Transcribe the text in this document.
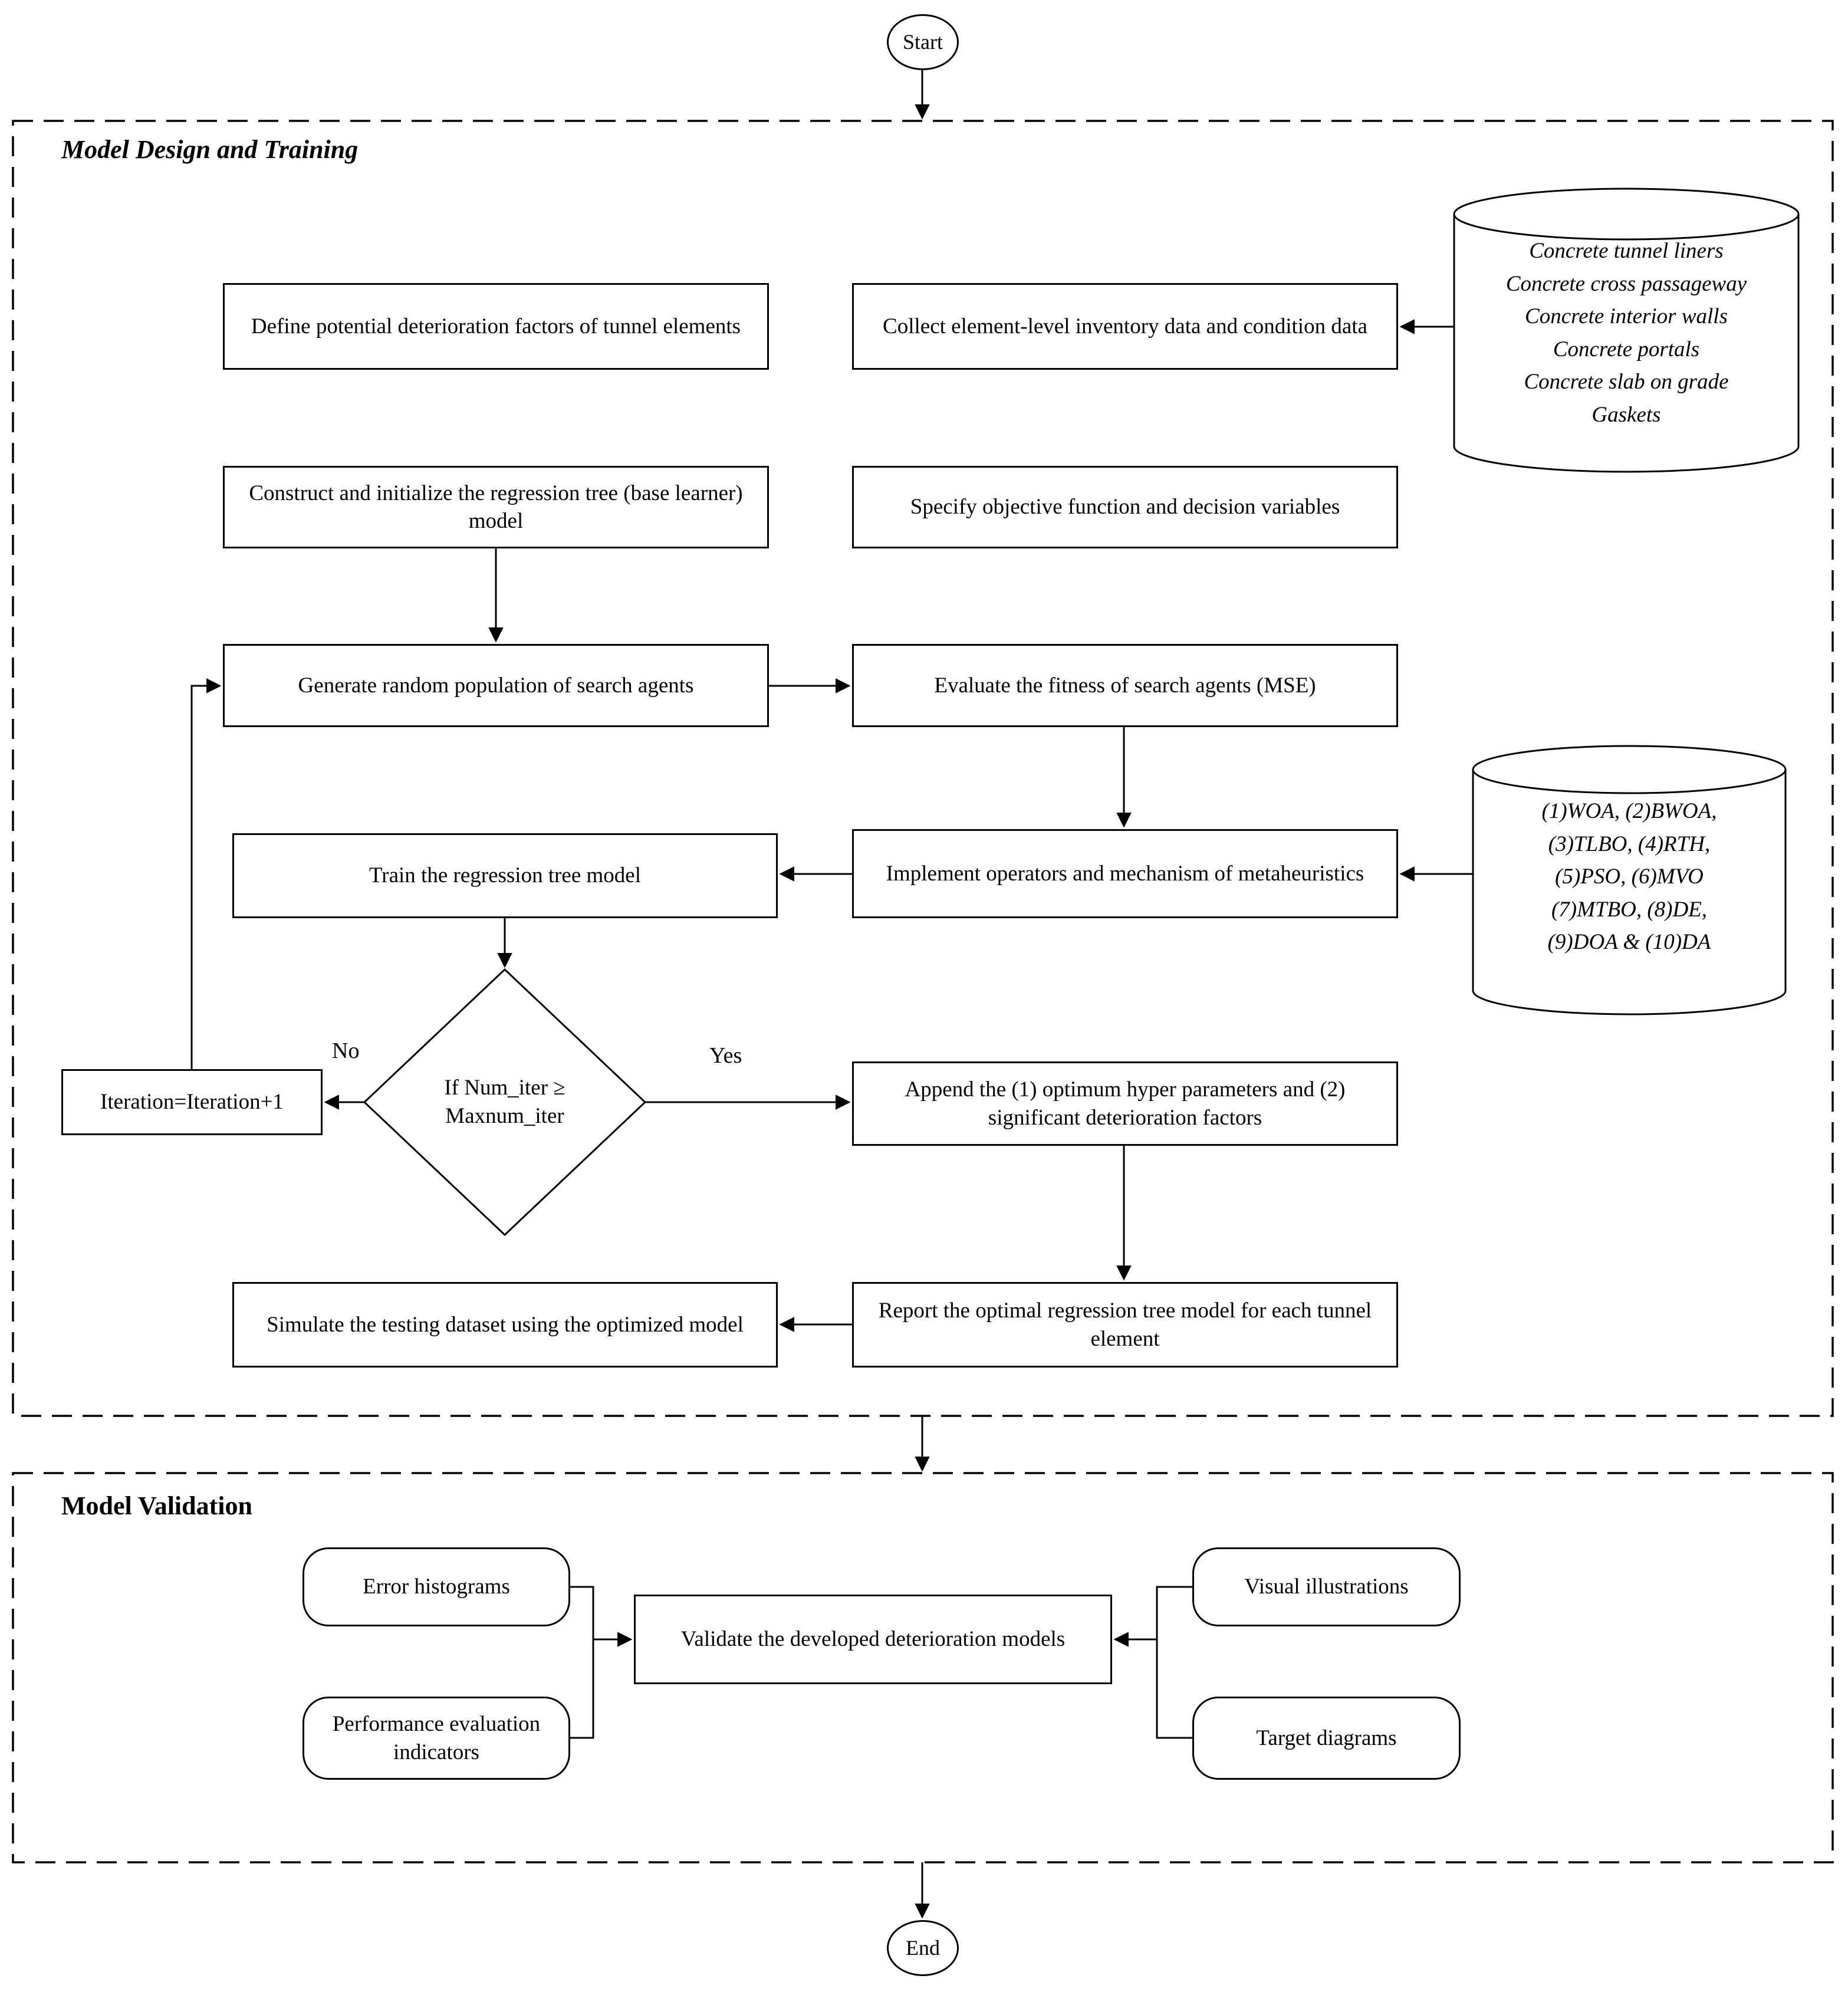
Start
End
Model Design and Training
Model Validation
Define potential deterioration factors of tunnel elements	Collect element-level inventory data and condition data
Construct and initialize the regression tree (base learner) model
Specify objective function and decision variables
Generate random population of search agents	Evaluate the fitness of search agents (MSE)
Train the regression tree model	Implement operators and mechanism of metaheuristics
Iteration=Iteration+1
Append the (1) optimum hyper parameters and (2) significant deterioration factors
Report the optimal regression tree model for each tunnel element
Simulate the testing dataset using the optimized model
If Num_iter ≥
Maxnum_iter
No	Yes
Concrete tunnel liners
Concrete cross passageway
Concrete interior walls
Concrete portals
Concrete slab on grade
Gaskets
(1)WOA, (2)BWOA,
(3)TLBO, (4)RTH,
(5)PSO, (6)MVO
(7)MTBO, (8)DE,
(9)DOA & (10)DA
Error histograms
Performance evaluation indicators
Validate the developed deterioration models
Visual illustrations
Target diagrams
